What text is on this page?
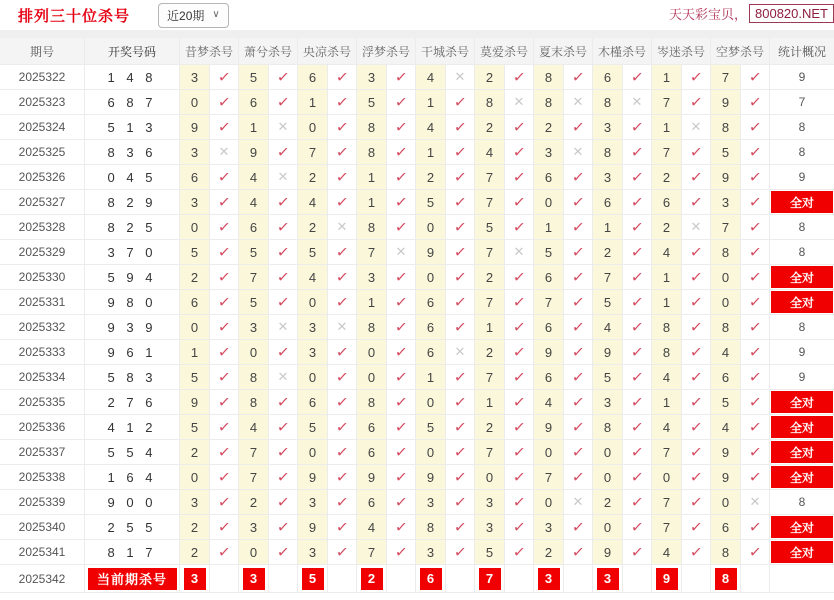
排列三十位杀号	近20期 ∨	天天彩宝贝， 800820.NET
期号	开奖号码	昔梦杀号 萧兮杀号 央凉杀号 浮梦杀号 干城杀号 莫爱杀号 夏末杀号 木槿杀号 岑迷杀号 空梦杀号	统计概况
2025322	1 4 8	3	✓	5	✓	6	✓	3	✓	4	✕	2	✓	8	✓	6	✓	1	✓	7	✓	9
2025323	6 8 7	0	✓	6	✓	1	✓	5	✓	1	✓	8	✕	8	✕	8	✕	7	✓	9	✓	7
2025324	5 1 3	9	✓	1	✕	0	✓	8	✓	4	✓	2	✓	2	✓	3	✓	1	✕	8	✓	8
2025325	8 3 6	3	✕	9	✓	7	✓	8	✓	1	✓	4	✓	3	✕	8	✓	7	✓	5	✓	8
2025326	0 4 5	6	✓	4	✕	2	✓	1	✓	2	✓	7	✓	6	✓	3	✓	2	✓	9	✓	9
2025327	8 2 9	3	✓	4	✓	4	✓	1	✓	5	✓	7	✓	0	✓	6	✓	6	✓	3	✓	全对
2025328	8 2 5	0	✓	6	✓	2	✕	8	✓	0	✓	5	✓	1	✓	1	✓	2	✕	7	✓	8
2025329	3 7 0	5	✓	5	✓	5	✓	7	✕	9	✓	7	✕	5	✓	2	✓	4	✓	8	✓	8
2025330	5 9 4	2	✓	7	✓	4	✓	3	✓	0	✓	2	✓	6	✓	7	✓	1	✓	0	✓	全对
2025331	9 8 0	6	✓	5	✓	0	✓	1	✓	6	✓	7	✓	7	✓	5	✓	1	✓	0	✓	全对
2025332	9 3 9	0	✓	3	✕	3	✕	8	✓	6	✓	1	✓	6	✓	4	✓	8	✓	8	✓	8
2025333	9 6 1	1	✓	0	✓	3	✓	0	✓	6	✕	2	✓	9	✓	9	✓	8	✓	4	✓	9
2025334	5 8 3	5	✓	8	✕	0	✓	0	✓	1	✓	7	✓	6	✓	5	✓	4	✓	6	✓	9
2025335	2 7 6	9	✓	8	✓	6	✓	8	✓	0	✓	1	✓	4	✓	3	✓	1	✓	5	✓	全对
2025336	4 1 2	5	✓	4	✓	5	✓	6	✓	5	✓	2	✓	9	✓	8	✓	4	✓	4	✓	全对
2025337	5 5 4	2	✓	7	✓	0	✓	6	✓	0	✓	7	✓	0	✓	0	✓	7	✓	9	✓	全对
2025338	1 6 4	0	✓	7	✓	9	✓	9	✓	9	✓	0	✓	7	✓	0	✓	0	✓	9	✓	全对
2025339	9 0 0	3	✓	2	✓	3	✓	6	✓	3	✓	3	✓	0	✕	2	✓	7	✓	0	✕	8
2025340	2 5 5	2	✓	3	✓	9	✓	4	✓	8	✓	3	✓	3	✓	0	✓	7	✓	6	✓	全对
2025341	8 1 7	2	✓	0	✓	3	✓	7	✓	3	✓	5	✓	2	✓	9	✓	4	✓	8	✓	全对
2025342	当前期杀号	3	3	5	2	6	7	3	3	9	8
